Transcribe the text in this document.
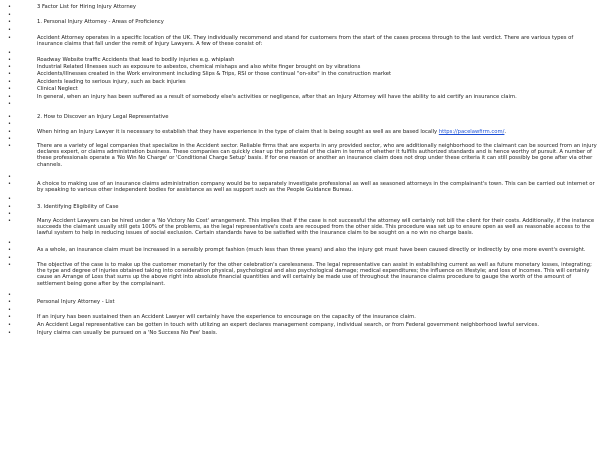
•	3 Factor List for Hiring Injury Attorney
•
•	1. Personal Injury Attorney - Areas of Proficiency
•
•	Accident Attorney operates in a specific location of the UK. They individually recommend and stand for customers from the start of the cases process through to the last verdict. There are various types of insurance claims that fall under the remit of Injury Lawyers. A few of these consist of:
•
•	Roadway Website traffic Accidents that lead to bodily injuries e.g. whiplash
•	Industrial Related Illnesses such as exposure to asbestos, chemical mishaps and also white finger brought on by vibrations
•	Accidents/Illnesses created in the Work environment including Slips & Trips, RSI or those continual "on-site" in the construction market
•	Accidents leading to serious injury, such as back injuries
•	Clinical Neglect
•	In general, when an injury has been suffered as a result of somebody else's activities or negligence, after that an Injury Attorney will have the ability to aid certify an insurance claim.
•
•	2. How to Discover an Injury Legal Representative
•
•	When hiring an Injury Lawyer it is necessary to establish that they have experience in the type of claim that is being sought as well as are based locally https://pacelawfirm.com/.
•
•	There are a variety of legal companies that specialize in the Accident sector. Reliable firms that are experts in any provided sector, who are additionally neighborhood to the claimant can be sourced from an injury declares expert, or claims administration business. These companies can quickly clear up the potential of the claim in terms of whether it fulfills authorized standards and is hence worthy of pursuit. A number of these professionals operate a 'No Win No Charge' or 'Conditional Charge Setup' basis. If for one reason or another an insurance claim does not drop under these criteria it can still possibly be gone after via other channels.
•
•	A choice to making use of an insurance claims administration company would be to separately investigate professional as well as seasoned attorneys in the complainant's town. This can be carried out internet or by speaking to various other independent bodies for assistance as well as support such as the People Guidance Bureau.
•
•	3. Identifying Eligibility of Case
•
•	Many Accident Lawyers can be hired under a 'No Victory No Cost' arrangement. This implies that if the case is not successful the attorney will certainly not bill the client for their costs. Additionally, if the instance succeeds the claimant usually still gets 100% of the problems, as the legal representative's costs are recouped from the other side. This procedure was set up to ensure open as well as reasonable access to the lawful system to help in reducing issues of social exclusion. Certain standards have to be satisfied with the insurance claim to be sought on a no win no charge basis.
•
•	As a whole, an insurance claim must be increased in a sensibly prompt fashion (much less than three years) and also the injury got must have been caused directly or indirectly by one more event's oversight.
•
•	The objective of the case is to make up the customer monetarily for the other celebration's carelessness. The legal representative can assist in establishing current as well as future monetary losses, integrating; the type and degree of injuries obtained taking into consideration physical, psychological and also psychological damage; medical expenditures; the influence on lifestyle; and loss of incomes. This will certainly cause an Arrange of Loss that sums up the above right into absolute financial quantities and will certainly be made use of throughout the insurance claims procedure to gauge the worth of the amount of settlement being gone after by the complainant.
•
•	Personal Injury Attorney - List
•
•	If an injury has been sustained then an Accident Lawyer will certainly have the experience to encourage on the capacity of the insurance claim.
•	An Accident Legal representative can be gotten in touch with utilizing an expert declares management company, individual search, or from Federal government neighborhood lawful services.
•	Injury claims can usually be pursued on a 'No Success No Fee' basis.
